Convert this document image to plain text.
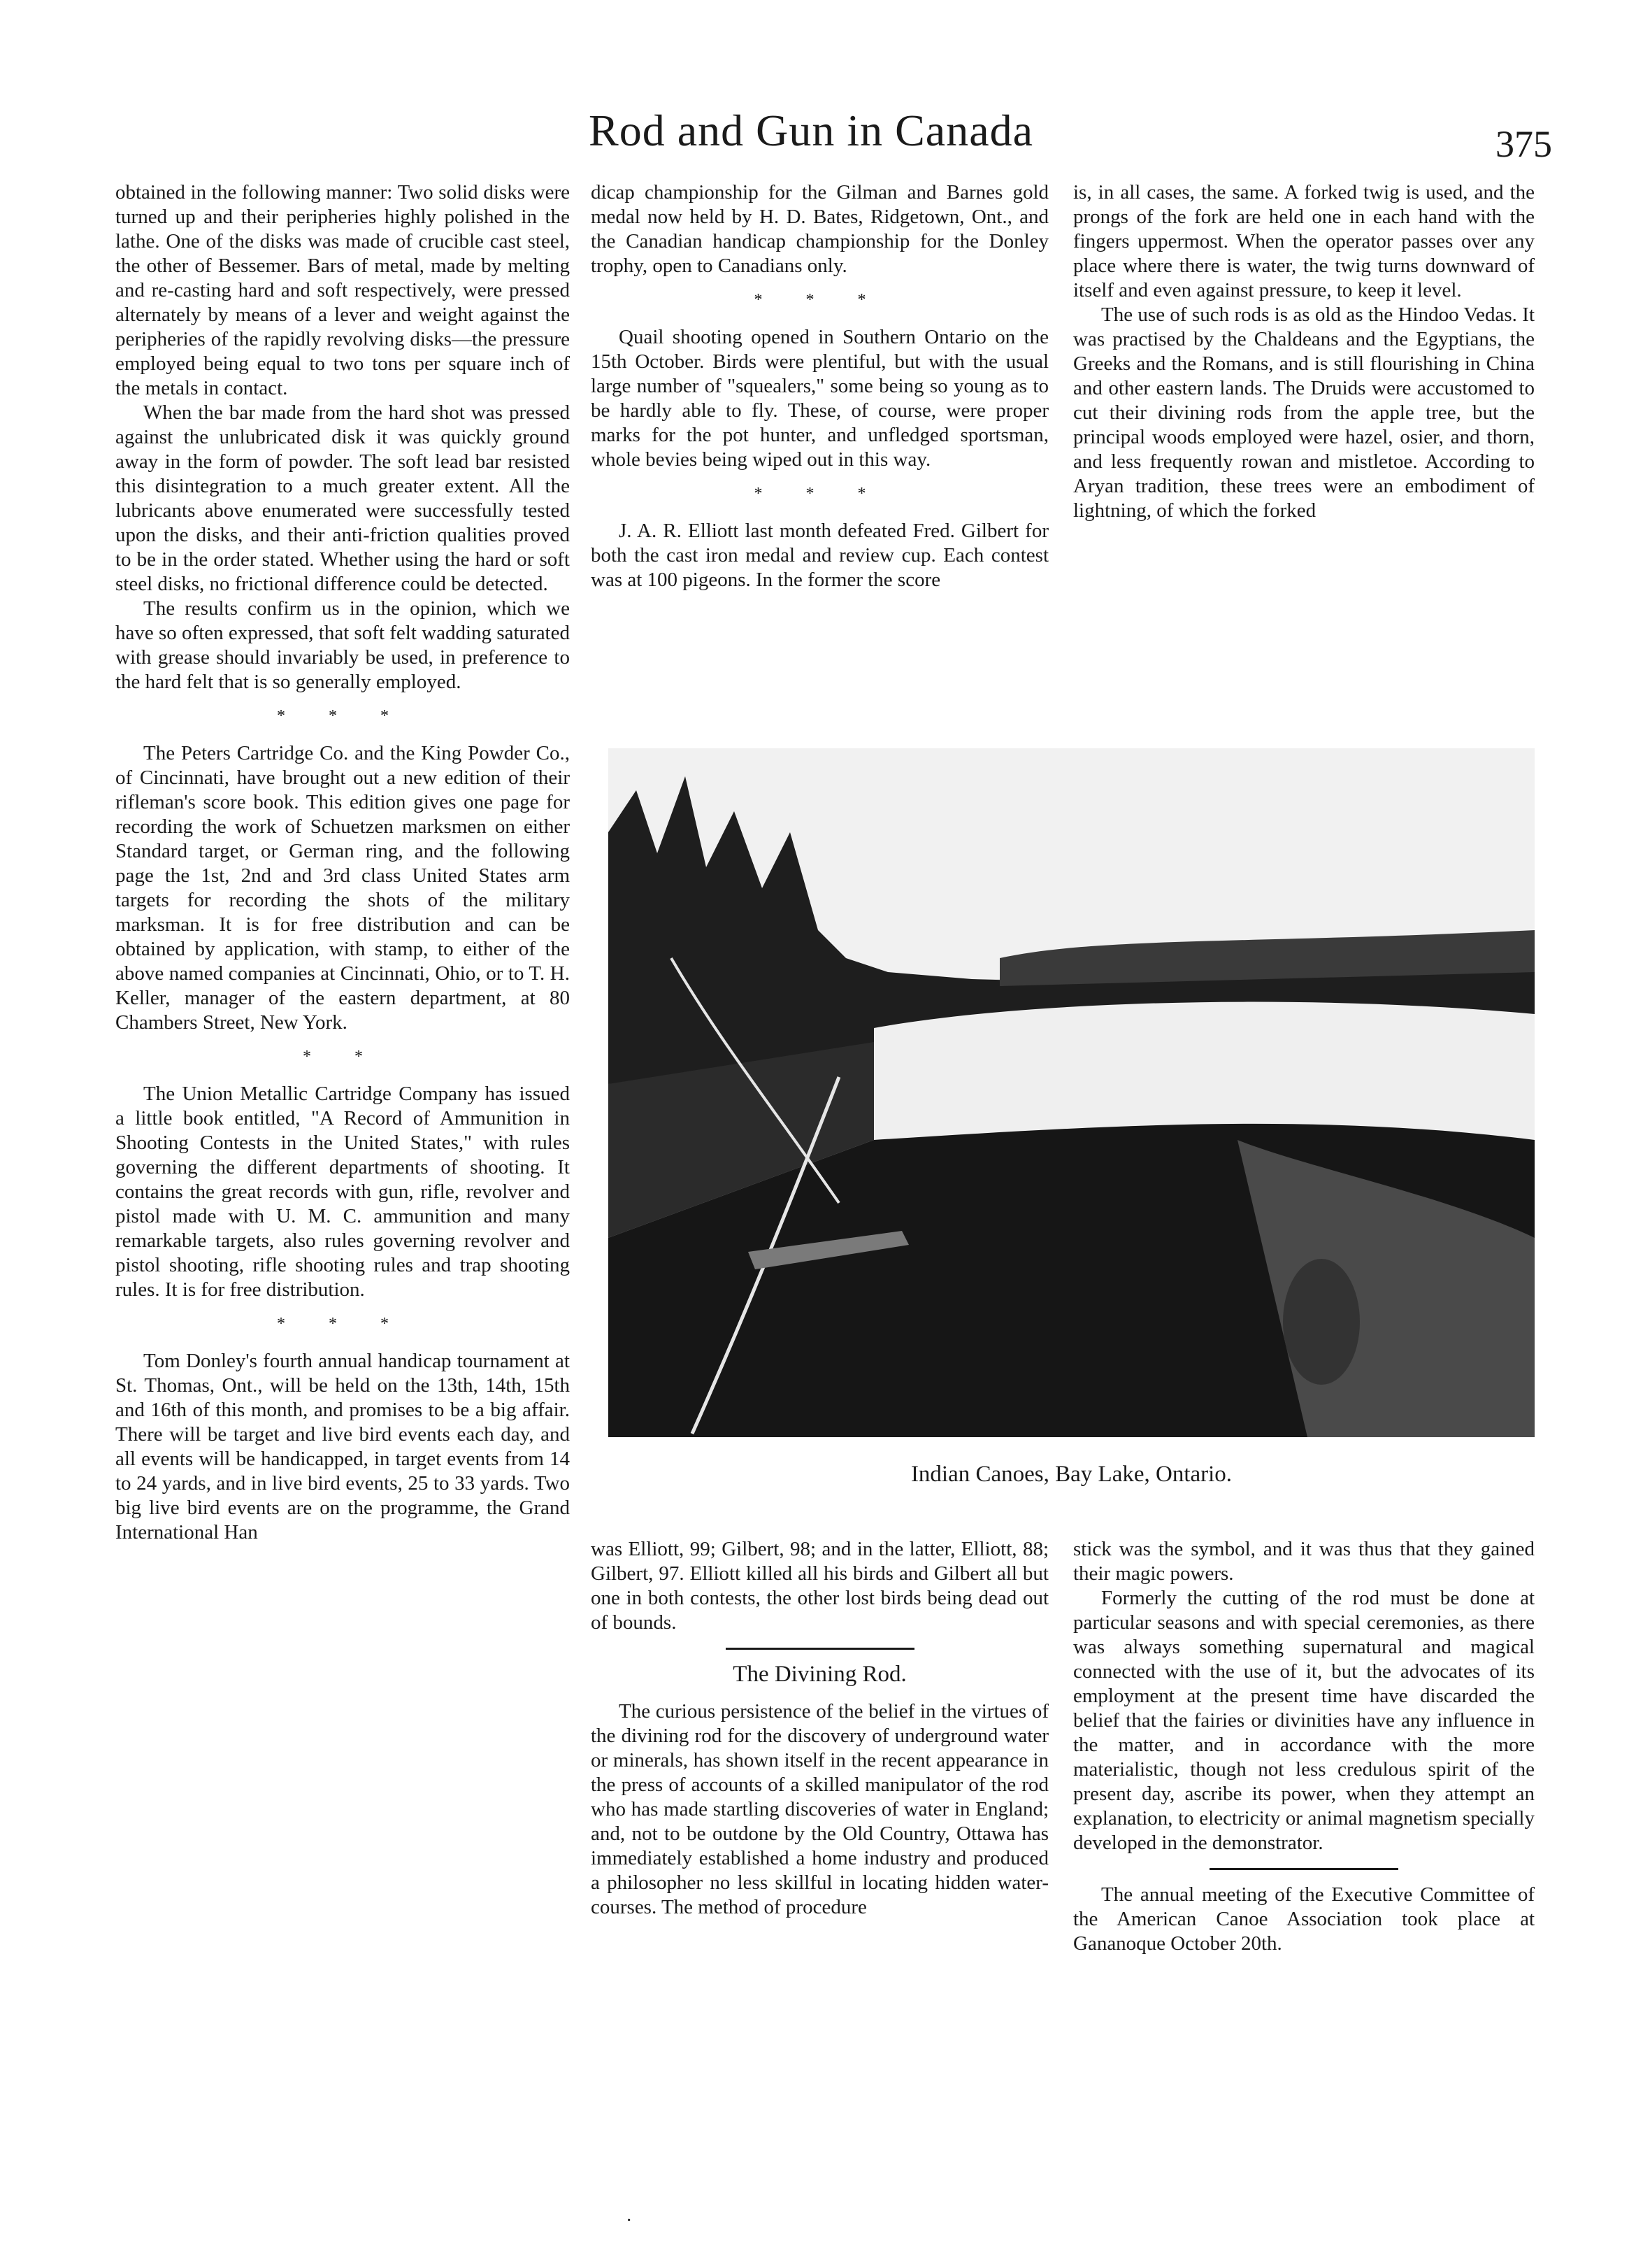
Rod and Gun in Canada	375

obtained in the following manner: Two solid disks were turned up and their peripheries highly polished in the lathe. One of the disks was made of crucible cast steel, the other of Bessemer. Bars of metal, made by melting and re-casting hard and soft respectively, were pressed alternately by means of a lever and weight against the peripheries of the rapidly revolving disks—the pressure employed being equal to two tons per square inch of the metals in contact.

When the bar made from the hard shot was pressed against the unlubricated disk it was quickly ground away in the form of powder. The soft lead bar resisted this disintegration to a much greater extent. All the lubricants above enumerated were successfully tested upon the disks, and their anti-friction qualities proved to be in the order stated. Whether using the hard or soft steel disks, no frictional difference could be detected.

The results confirm us in the opinion, which we have so often expressed, that soft felt wadding saturated with grease should invariably be used, in preference to the hard felt that is so generally employed.

* * *

The Peters Cartridge Co. and the King Powder Co., of Cincinnati, have brought out a new edition of their rifleman's score book. This edition gives one page for recording the work of Schuetzen marksmen on either Standard target, or German ring, and the following page the 1st, 2nd and 3rd class United States arm targets for recording the shots of the military marksman. It is for free distribution and can be obtained by application, with stamp, to either of the above named companies at Cincinnati, Ohio, or to T. H. Keller, manager of the eastern department, at 80 Chambers Street, New York.

* *

The Union Metallic Cartridge Company has issued a little book entitled, "A Record of Ammunition in Shooting Contests in the United States," with rules governing the different departments of shooting. It contains the great records with gun, rifle, revolver and pistol made with U. M. C. ammunition and many remarkable targets, also rules governing revolver and pistol shooting, rifle shooting rules and trap shooting rules. It is for free distribution.

* * *

Tom Donley's fourth annual handicap tournament at St. Thomas, Ont., will be held on the 13th, 14th, 15th and 16th of this month, and promises to be a big affair. There will be target and live bird events each day, and all events will be handicapped, in target events from 14 to 24 yards, and in live bird events, 25 to 33 yards. Two big live bird events are on the programme, the Grand International Han

dicap championship for the Gilman and Barnes gold medal now held by H. D. Bates, Ridgetown, Ont., and the Canadian handicap championship for the Donley trophy, open to Canadians only.

* * *

Quail shooting opened in Southern Ontario on the 15th October. Birds were plentiful, but with the usual large number of "squealers," some being so young as to be hardly able to fly. These, of course, were proper marks for the pot hunter, and unfledged sportsman, whole bevies being wiped out in this way.

* * *

J. A. R. Elliott last month defeated Fred. Gilbert for both the cast iron medal and review cup. Each contest was at 100 pigeons. In the former the score

is, in all cases, the same. A forked twig is used, and the prongs of the fork are held one in each hand with the fingers uppermost. When the operator passes over any place where there is water, the twig turns downward of itself and even against pressure, to keep it level.

The use of such rods is as old as the Hindoo Vedas. It was practised by the Chaldeans and the Egyptians, the Greeks and the Romans, and is still flourishing in China and other eastern lands. The Druids were accustomed to cut their divining rods from the apple tree, but the principal woods employed were hazel, osier, and thorn, and less frequently rowan and mistletoe. According to Aryan tradition, these trees were an embodiment of lightning, of which the forked

Indian Canoes, Bay Lake, Ontario.

was Elliott, 99; Gilbert, 98; and in the latter, Elliott, 88; Gilbert, 97. Elliott killed all his birds and Gilbert all but one in both contests, the other lost birds being dead out of bounds.

The Divining Rod.

The curious persistence of the belief in the virtues of the divining rod for the discovery of underground water or minerals, has shown itself in the recent appearance in the press of accounts of a skilled manipulator of the rod who has made startling discoveries of water in England; and, not to be outdone by the Old Country, Ottawa has immediately established a home industry and produced a philosopher no less skillful in locating hidden water-courses. The method of procedure

stick was the symbol, and it was thus that they gained their magic powers.

Formerly the cutting of the rod must be done at particular seasons and with special ceremonies, as there was always something supernatural and magical connected with the use of it, but the advocates of its employment at the present time have discarded the belief that the fairies or divinities have any influence in the matter, and in accordance with the more materialistic, though not less credulous spirit of the present day, ascribe its power, when they attempt an explanation, to electricity or animal magnetism specially developed in the demonstrator.

The annual meeting of the Executive Committee of the American Canoe Association took place at Gananoque October 20th.

·
